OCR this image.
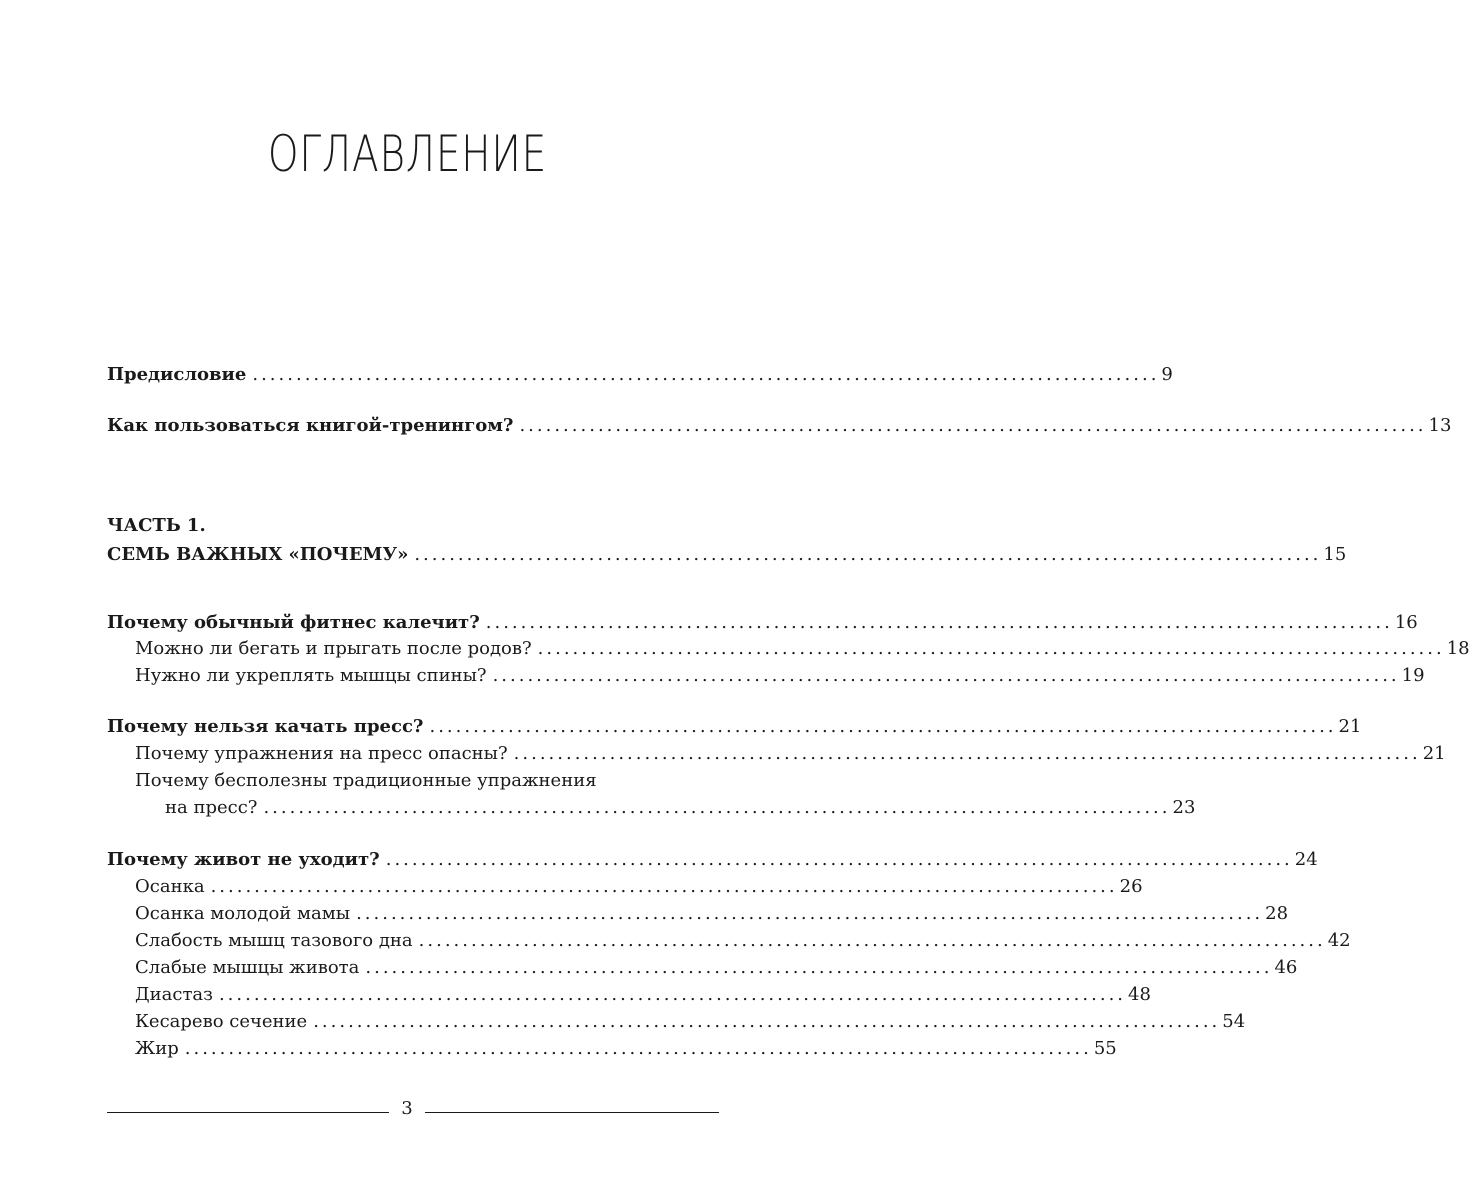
ОГЛАВЛЕНИЕ
Предисловие ........................................................................................................ 9
Как пользоваться книгой-тренингом? ........................................................................................................ 13
ЧАСТЬ 1.
СЕМЬ ВАЖНЫХ «ПОЧЕМУ» ........................................................................................................ 15
Почему обычный фитнес калечит? ........................................................................................................ 16
Можно ли бегать и прыгать после родов? ........................................................................................................ 18
Нужно ли укреплять мышцы спины? ........................................................................................................ 19
Почему нельзя качать пресс? ........................................................................................................ 21
Почему упражнения на пресс опасны? ........................................................................................................ 21
Почему бесполезны традиционные упражнения
на пресс? ........................................................................................................ 23
Почему живот не уходит? ........................................................................................................ 24
Осанка ........................................................................................................ 26
Осанка молодой мамы ........................................................................................................ 28
Слабость мышц тазового дна ........................................................................................................ 42
Слабые мышцы живота ........................................................................................................ 46
Диастаз ........................................................................................................ 48
Кесарево сечение ........................................................................................................ 54
Жир ........................................................................................................ 55
3
